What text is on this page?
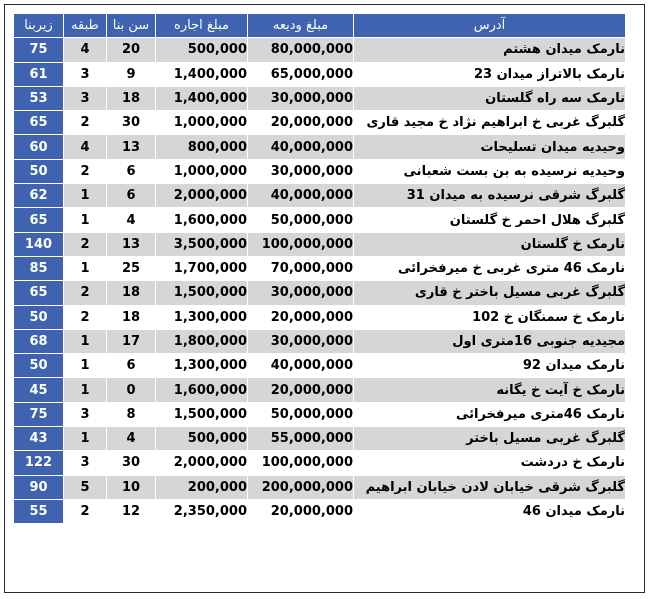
آدرس	مبلغ ودیعه	مبلغ اجاره	سن بنا	طبقه	زیربنا
نارمک میدان هشتم	80,000,000	500,000	20	4	75
نارمک بالاتراز میدان 23	65,000,000	1,400,000	9	3	61
نارمک سه راه گلستان	30,000,000	1,400,000	18	3	53
گلبرگ غربی خ ابراهیم نژاد خ مجید قاری	20,000,000	1,000,000	30	2	65
وحیدیه میدان تسلیحات	40,000,000	800,000	13	4	60
وحیدیه نرسیده به بن بست شعبانی	30,000,000	1,000,000	6	2	50
گلبرگ شرقی نرسیده به میدان 31	40,000,000	2,000,000	6	1	62
گلبرگ هلال احمر خ گلستان	50,000,000	1,600,000	4	1	65
نارمک خ گلستان	100,000,000	3,500,000	13	2	140
نارمک 46 متری غربی خ میرفخرائی	70,000,000	1,700,000	25	1	85
گلبرگ غربی مسیل باختر خ قاری	30,000,000	1,500,000	18	2	65
نارمک خ سمنگان خ 102	20,000,000	1,300,000	18	2	50
مجیدیه جنوبی 16متری اول	30,000,000	1,800,000	17	1	68
نارمک میدان 92	40,000,000	1,300,000	6	1	50
نارمک خ آیت خ یگانه	20,000,000	1,600,000	0	1	45
نارمک 46متری میرفخرائی	50,000,000	1,500,000	8	3	75
گلبرگ غربی مسیل باختر	55,000,000	500,000	4	1	43
نارمک خ دردشت	100,000,000	2,000,000	30	3	122
گلبرگ شرقی خیابان لادن خیابان ابراهیم	200,000,000	200,000	10	5	90
نارمک میدان 46	20,000,000	2,350,000	12	2	55
